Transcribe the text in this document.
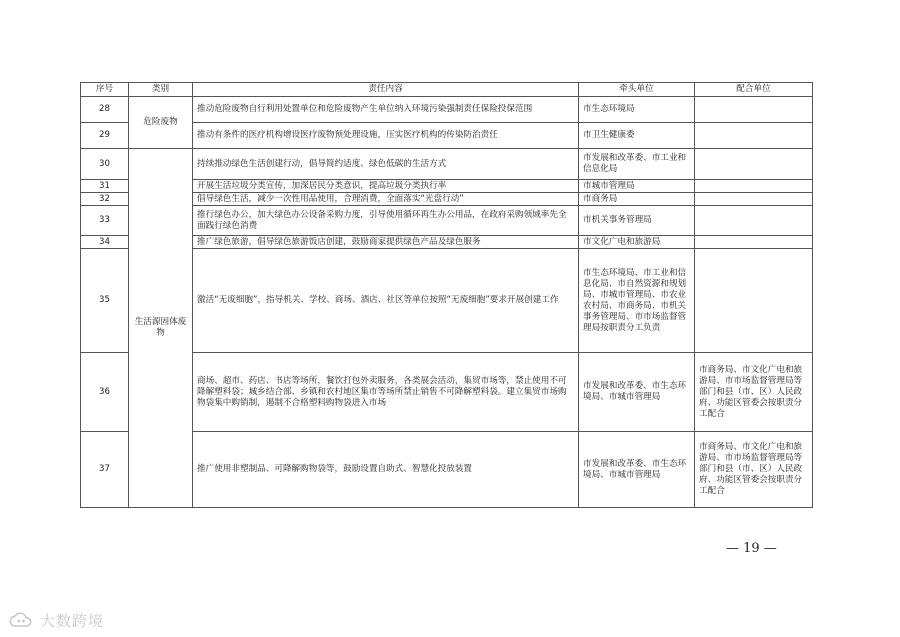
序号	类别	责任内容	牵头单位	配合单位
28	危险废物	推动危险废物自行利用处置单位和危险废物产生单位纳入环境污染强制责任保险投保范围	市生态环境局	
29		推动有条件的医疗机构增设医疗废物预处理设施，压实医疗机构的传染防治责任	市卫生健康委	
30	生活源固体废物	持续推动绿色生活创建行动，倡导简约适度、绿色低碳的生活方式	市发展和改革委、市工业和信息化局	
31		开展生活垃圾分类宣传，加深居民分类意识，提高垃圾分类执行率	市城市管理局	
32		倡导绿色生活，减少一次性用品使用，合理消费，全面落实“光盘行动”	市商务局	
33		推行绿色办公，加大绿色办公设备采购力度，引导使用循环再生办公用品，在政府采购领域率先全面践行绿色消费	市机关事务管理局	
34		推广绿色旅游，倡导绿色旅游饭店创建，鼓励商家提供绿色产品及绿色服务	市文化广电和旅游局	
35		激活“无废细胞”，指导机关、学校、商场、酒店、社区等单位按照“无废细胞”要求开展创建工作	市生态环境局、市工业和信息化局、市自然资源和规划局、市城市管理局、市农业农村局、市商务局、市机关事务管理局、市市场监督管理局按职责分工负责	
36		商场、超市、药店、书店等场所，餐饮打包外卖服务，各类展会活动，集贸市场等，禁止使用不可降解塑料袋；城乡结合部、乡镇和农村地区集市等场所禁止销售不可降解塑料袋。建立集贸市场购物袋集中购销制，遏制不合格塑料购物袋进入市场	市发展和改革委、市生态环境局、市城市管理局	市商务局、市文化广电和旅游局、市市场监督管理局等部门和县（市、区）人民政府、功能区管委会按职责分工配合
37		推广使用非塑制品、可降解购物袋等，鼓励设置自助式、智慧化投放装置	市发展和改革委、市生态环境局、市城市管理局	市商务局、市文化广电和旅游局、市市场监督管理局等部门和县（市、区）人民政府、功能区管委会按职责分工配合
— 19 —
大数跨境
